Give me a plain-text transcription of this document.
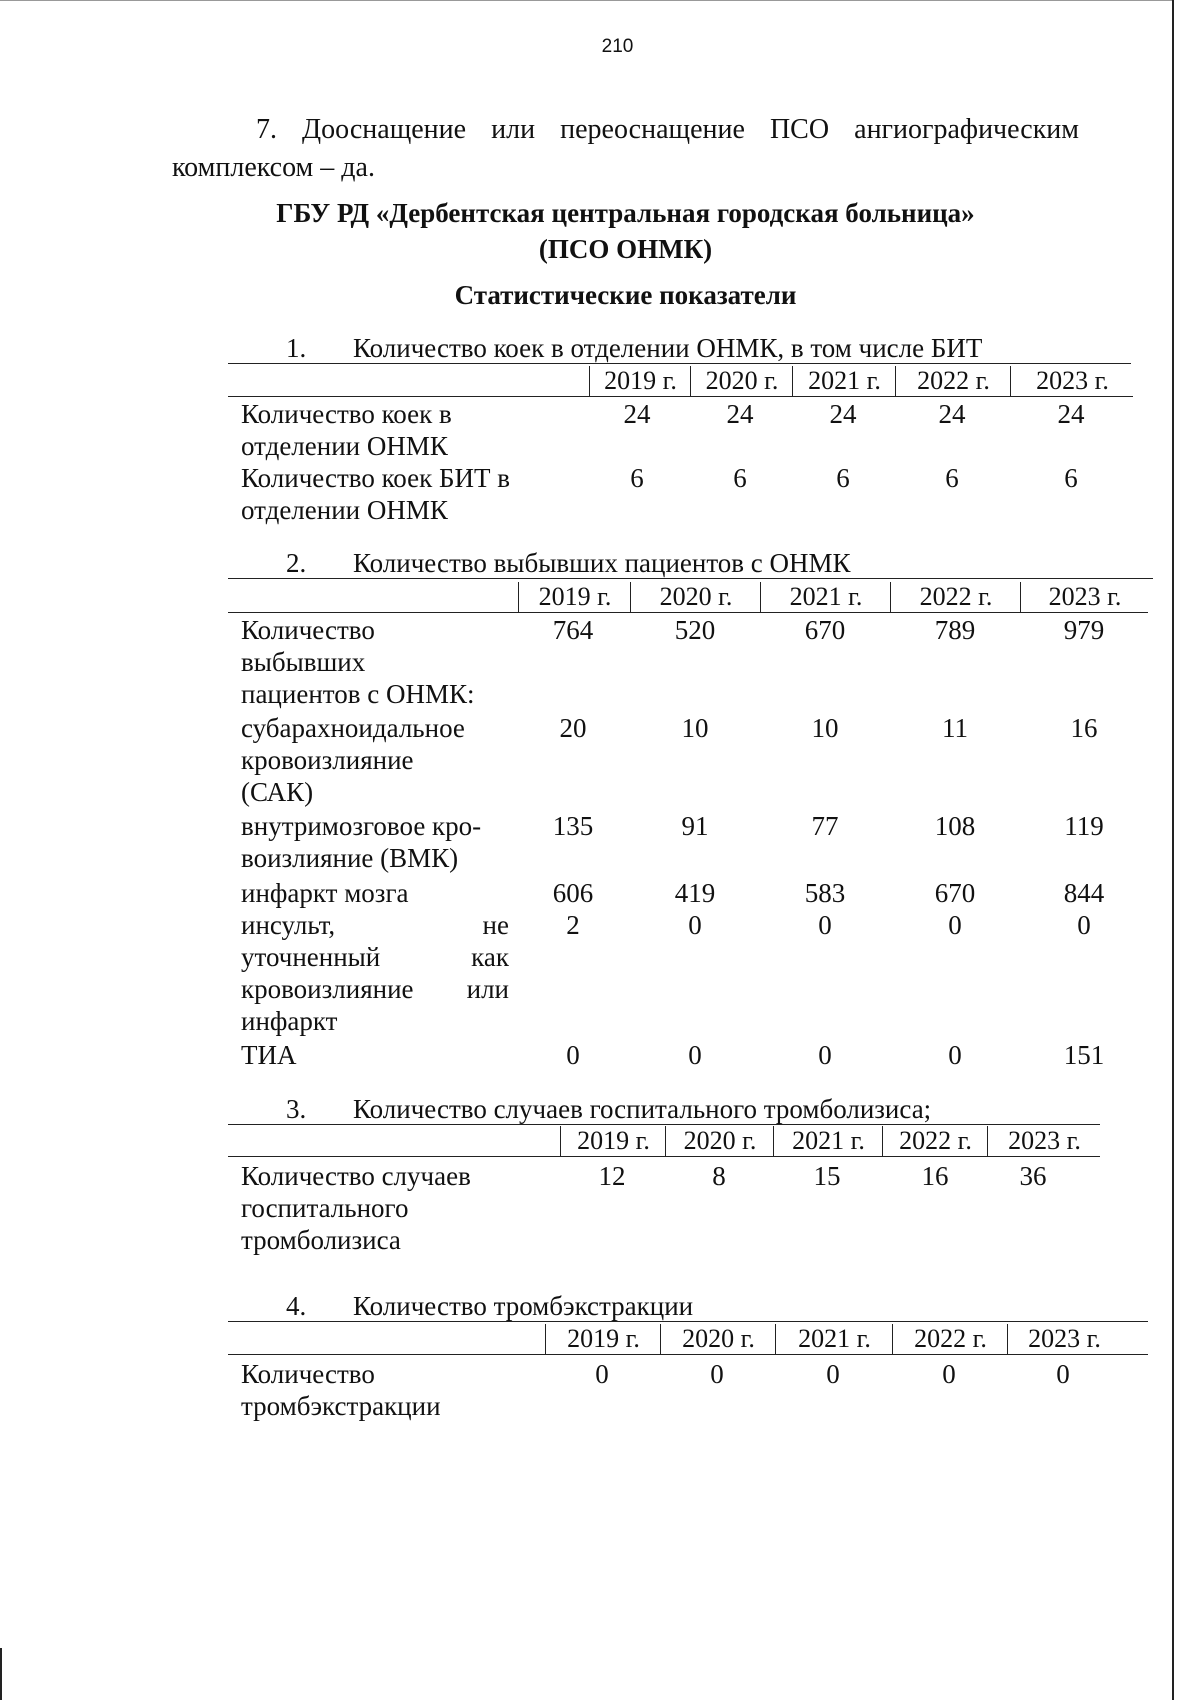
210
7. Дооснащение или переоснащение ПСО ангиографическим
комплексом – да.
ГБУ РД «Дербентская центральная городская больница»
(ПСО ОНМК)
Статистические показатели
1. Количество коек в отделении ОНМК, в том числе БИТ
2019 г.	2020 г.	2021 г.	2022 г.	2023 г.
Количество коек в
отделении ОНМК
24	24	24	24	24
Количество коек БИТ в
отделении ОНМК
6	6	6	6	6
2. Количество выбывших пациентов с ОНМК
2019 г.	2020 г.	2021 г.	2022 г.	2023 г.
Количество
выбывших
пациентов с ОНМК:
764	520	670	789	979
субарахноидальное
кровоизлияние
(САК)
20	10	10	11	16
внутримозговое кро-
воизлияние (ВМК)
135	91	77	108	119
инфаркт мозга	606	419	583	670	844
инсульт, не
уточненный как
кровоизлияние или
инфаркт
2	0	0	0	0
ТИА	0	0	0	0	151
3. Количество случаев госпитального тромболизиса;
2019 г.	2020 г.	2021 г.	2022 г.	2023 г.
Количество случаев
госпитального
тромболизиса
12	8	15	16	36
4. Количество тромбэкстракции
2019 г.	2020 г.	2021 г.	2022 г.	2023 г.
Количество
тромбэкстракции
0	0	0	0	0
